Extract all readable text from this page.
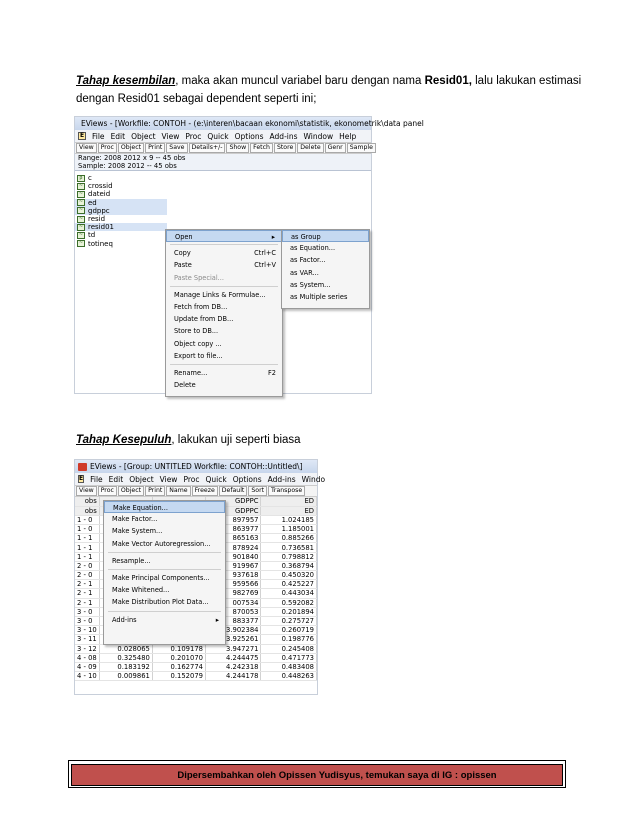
Tahap kesembilan, maka akan muncul variabel baru dengan nama Resid01, lalu lakukan estimasi
dengan Resid01 sebagai dependent seperti ini;
EViews - [Workfile: CONTOH - (e:\interen\bacaan ekonomi\statistik, ekonometrik\data panel
E File Edit Object View Proc Quick Options Add-ins Window Help
View	Proc	Object	Print	Save	Details+/-	Show	Fetch	Store	Delete	Genr	Sample
Range: 2008 2012 x 9 -- 45 obs
Sample: 2008 2012 -- 45 obs
β c
~ crossid
~ dateid
~ ed
~ gdppc
~ resid
~ resid01
~ td
~ totineq
Open	▸
Copy	Ctrl+C
Paste	Ctrl+V
Paste Special...
Manage Links & Formulae...
Fetch from DB...
Update from DB...
Store to DB...
Object copy ...
Export to file...
Rename...	F2
Delete
as Group
as Equation...
as Factor...
as VAR...
as System...
as Multiple series
Tahap Kesepuluh, lakukan uji seperti biasa
EViews - [Group: UNTITLED Workfile: CONTOH::Untitled\]
E File Edit Object View Proc Quick Options Add-ins Windo
View	Proc	Object	Print	Name	Freeze	Default	Sort	Transpose
obs			GDPPC	ED
obs			GDPPC	ED
1 - 0			897957	1.024185
1 - 0			863977	1.185001
1 - 1			865163	0.885266
1 - 1			878924	0.736581
1 - 1			901840	0.798812
2 - 0			919967	0.368794
2 - 0			937618	0.450320
2 - 1			959566	0.425227
2 - 1			982769	0.443034
2 - 1			007534	0.592082
3 - 0			870053	0.201894
3 - 0			883377	0.275727
3 - 10			3.902384	0.260719
3 - 11			3.925261	0.198776
3 - 12	0.028065	0.109178	3.947271	0.245408
4 - 08	0.325480	0.201070	4.244475	0.471773
4 - 09	0.183192	0.162774	4.242318	0.483408
4 - 10	0.009861	0.152079	4.244178	0.448263
Make Equation...
Make Factor...
Make System...
Make Vector Autoregression...
Resample...
Make Principal Components...
Make Whitened...
Make Distribution Plot Data...
Add-ins	▸
Dipersembahkan oleh Opissen Yudisyus, temukan saya di IG : opissen
